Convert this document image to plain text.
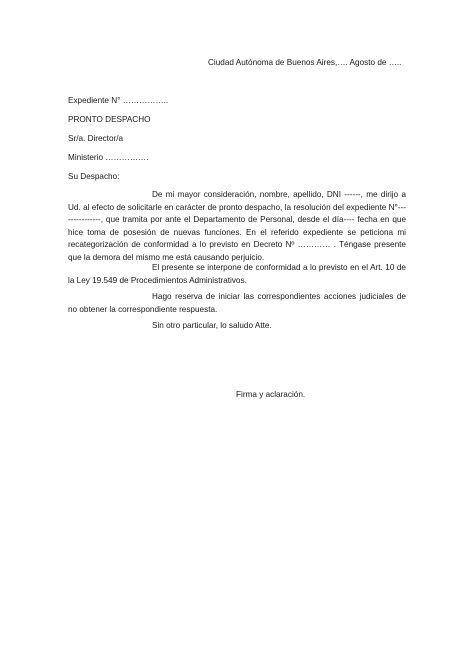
Ciudad Autónoma de Buenos Aires,…. Agosto de …..
Expediente N° ……………..
PRONTO DESPACHO
Sr/a. Director/a
Ministerio …………….
Su Despacho:
De mi mayor consideración, nombre, apellido, DNI ------, me dirijo a Ud. al efecto de solicitarle en carácter de pronto despacho, la resolución del expediente N°---------------, que tramita por ante el Departamento de Personal, desde el día---- fecha en que hice toma de posesión de nuevas funciones. En el referido expediente se peticiona mi recategorización de conformidad a lo previsto en Decreto Nº ………… . Téngase presente que la demora del mismo me está causando perjuicio.
El presente se interpone de conformidad a lo previsto en el Art. 10 de la Ley 19.549 de Procedimientos Administrativos.
Hago reserva de iniciar las correspondientes acciones judiciales de no obtener la correspondiente respuesta.
Sin otro particular, lo saludo Atte.
Firma y aclaración.
